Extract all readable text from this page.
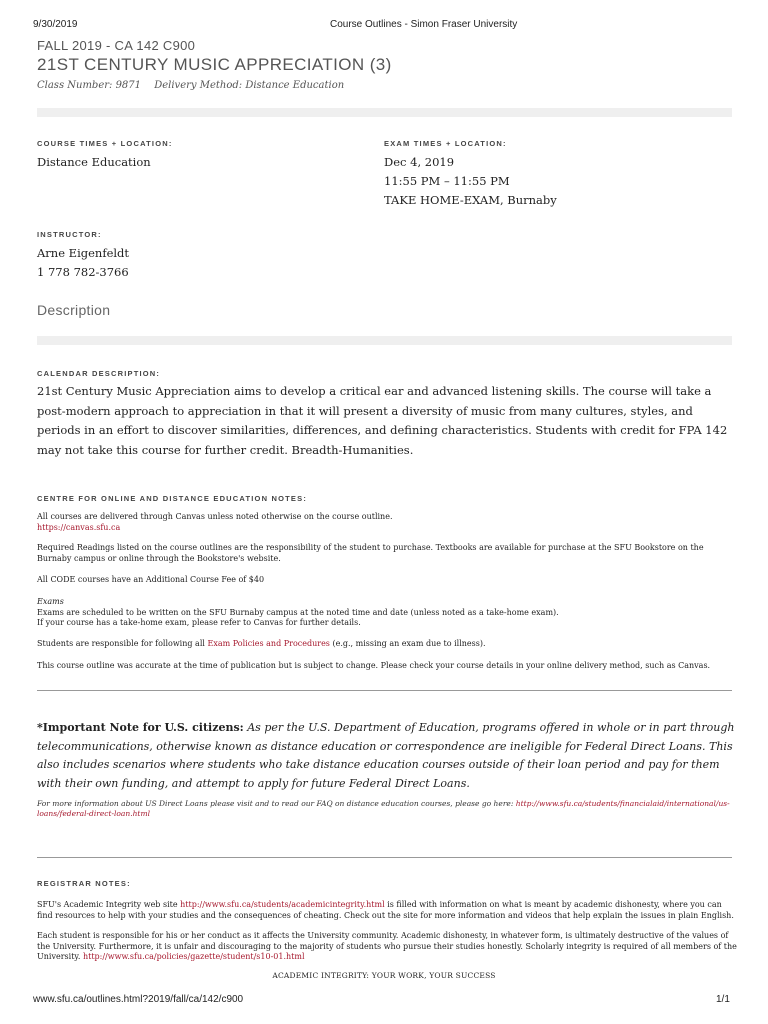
9/30/2019	Course Outlines - Simon Fraser University
FALL 2019 - CA 142 C900
21ST CENTURY MUSIC APPRECIATION (3)
Class Number: 9871 Delivery Method: Distance Education
COURSE TIMES + LOCATION:
Distance Education
EXAM TIMES + LOCATION:
Dec 4, 2019
11:55 PM – 11:55 PM
TAKE HOME-EXAM, Burnaby
INSTRUCTOR:
Arne Eigenfeldt
1 778 782-3766
Description
CALENDAR DESCRIPTION:
21st Century Music Appreciation aims to develop a critical ear and advanced listening skills. The course will take a post-modern approach to appreciation in that it will present a diversity of music from many cultures, styles, and periods in an effort to discover similarities, differences, and defining characteristics. Students with credit for FPA 142 may not take this course for further credit. Breadth-Humanities.
CENTRE FOR ONLINE AND DISTANCE EDUCATION NOTES:

All courses are delivered through Canvas unless noted otherwise on the course outline.

https://canvas.sfu.ca

Required Readings listed on the course outlines are the responsibility of the student to purchase. Textbooks are available for purchase at the SFU Bookstore on the Burnaby campus or online through the Bookstore's website.
All CODE courses have an Additional Course Fee of $40

Exams

Exams are scheduled to be written on the SFU Burnaby campus at the noted time and date (unless noted as a take-home exam).

If your course has a take-home exam, please refer to Canvas for further details.

Students are responsible for following all Exam Policies and Procedures (e.g., missing an exam due to illness).
This course outline was accurate at the time of publication but is subject to change. Please check your course details in your online delivery method, such as Canvas.
*Important Note for U.S. citizens: As per the U.S. Department of Education, programs offered in whole or in part through telecommunications, otherwise known as distance education or correspondence are ineligible for Federal Direct Loans. This also includes scenarios where students who take distance education courses outside of their loan period and pay for them with their own funding, and attempt to apply for future Federal Direct Loans.
For more information about US Direct Loans please visit and to read our FAQ on distance education courses, please go here: http://www.sfu.ca/students/financialaid/international/us-loans/federal-direct-loan.html
REGISTRAR NOTES:
SFU's Academic Integrity web site http://www.sfu.ca/students/academicintegrity.html is filled with information on what is meant by academic dishonesty, where you can find resources to help with your studies and the consequences of cheating. Check out the site for more information and videos that help explain the issues in plain English.
Each student is responsible for his or her conduct as it affects the University community. Academic dishonesty, in whatever form, is ultimately destructive of the values of the University. Furthermore, it is unfair and discouraging to the majority of students who pursue their studies honestly. Scholarly integrity is required of all members of the University. http://www.sfu.ca/policies/gazette/student/s10-01.html
ACADEMIC INTEGRITY: YOUR WORK, YOUR SUCCESS
www.sfu.ca/outlines.html?2019/fall/ca/142/c900	1/1
